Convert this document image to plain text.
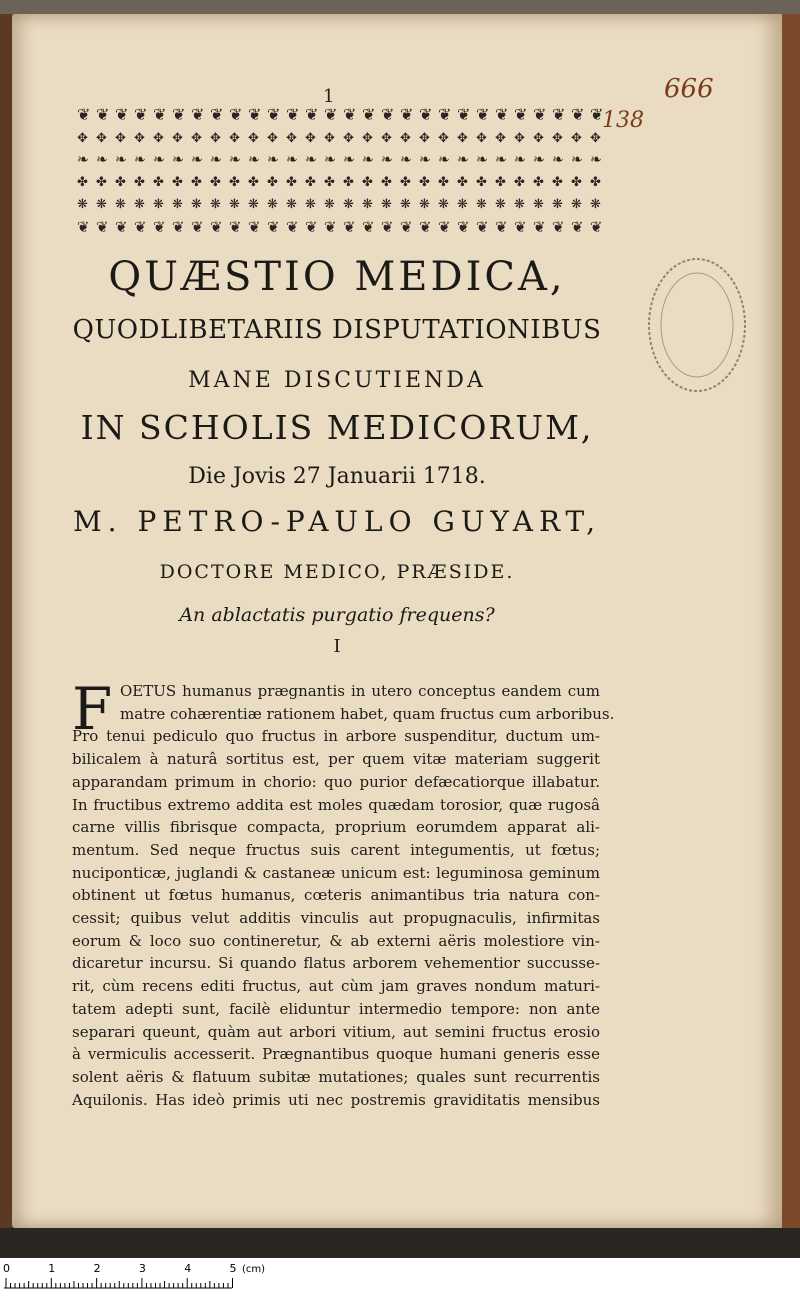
1	666
138
❦ ❦ ❦ ❦ ❦ ❦ ❦ ❦ ❦ ❦ ❦ ❦ ❦ ❦ ❦ ❦ ❦ ❦ ❦ ❦ ❦ ❦ ❦ ❦ ❦ ❦ ❦ ❦
✥ ✥ ✥ ✥ ✥ ✥ ✥ ✥ ✥ ✥ ✥ ✥ ✥ ✥ ✥ ✥ ✥ ✥ ✥ ✥ ✥ ✥ ✥ ✥ ✥ ✥ ✥ ✥
❧ ❧ ❧ ❧ ❧ ❧ ❧ ❧ ❧ ❧ ❧ ❧ ❧ ❧ ❧ ❧ ❧ ❧ ❧ ❧ ❧ ❧ ❧ ❧ ❧ ❧ ❧ ❧
✤ ✤ ✤ ✤ ✤ ✤ ✤ ✤ ✤ ✤ ✤ ✤ ✤ ✤ ✤ ✤ ✤ ✤ ✤ ✤ ✤ ✤ ✤ ✤ ✤ ✤ ✤ ✤
❋ ❋ ❋ ❋ ❋ ❋ ❋ ❋ ❋ ❋ ❋ ❋ ❋ ❋ ❋ ❋ ❋ ❋ ❋ ❋ ❋ ❋ ❋ ❋ ❋ ❋ ❋ ❋
❦ ❦ ❦ ❦ ❦ ❦ ❦ ❦ ❦ ❦ ❦ ❦ ❦ ❦ ❦ ❦ ❦ ❦ ❦ ❦ ❦ ❦ ❦ ❦ ❦ ❦ ❦ ❦
QUÆSTIO MEDICA,
QUODLIBETARIIS DISPUTATIONIBUS
MANE DISCUTIENDA
IN SCHOLIS MEDICORUM,
Die Jovis 27 Januarii 1718.
M. PETRO-PAULO GUYART,
DOCTORE MEDICO, PRÆSIDE.
An ablactatis purgatio frequens?
I
OETUS humanus prægnantis in utero conceptus eandem cum
matre cohærentiæ rationem habet, quam fructus cum arboribus.
Pro tenui pediculo quo fructus in arbore suspenditur, ductum um-
bilicalem à naturâ sortitus est, per quem vitæ materiam suggerit
apparandam primum in chorio: quo purior defæcatiorque illabatur.
In fructibus extremo addita est moles quædam torosior, quæ rugosâ
carne villis fibrisque compacta, proprium eorumdem apparat ali-
mentum. Sed neque fructus suis carent integumentis, ut fœtus;
nuciponticæ, juglandi & castaneæ unicum est: leguminosa geminum
obtinent ut fœtus humanus, cœteris animantibus tria natura con-
cessit; quibus velut additis vinculis aut propugnaculis, infirmitas
eorum & loco suo contineretur, & ab externi aëris molestiore vin-
dicaretur incursu. Si quando flatus arborem vehementior succusse-
rit, cùm recens editi fructus, aut cùm jam graves nondum maturi-
tatem adepti sunt, facilè eliduntur intermedio tempore: non ante
separari queunt, quàm aut arbori vitium, aut semini fructus erosio
à vermiculis accesserit. Prægnantibus quoque humani generis esse
solent aëris & flatuum subitæ mutationes; quales sunt recurrentis
Aquilonis. Has ideò primis uti nec postremis graviditatis mensibus
0	1	2	3	4	5 (cm)
F
